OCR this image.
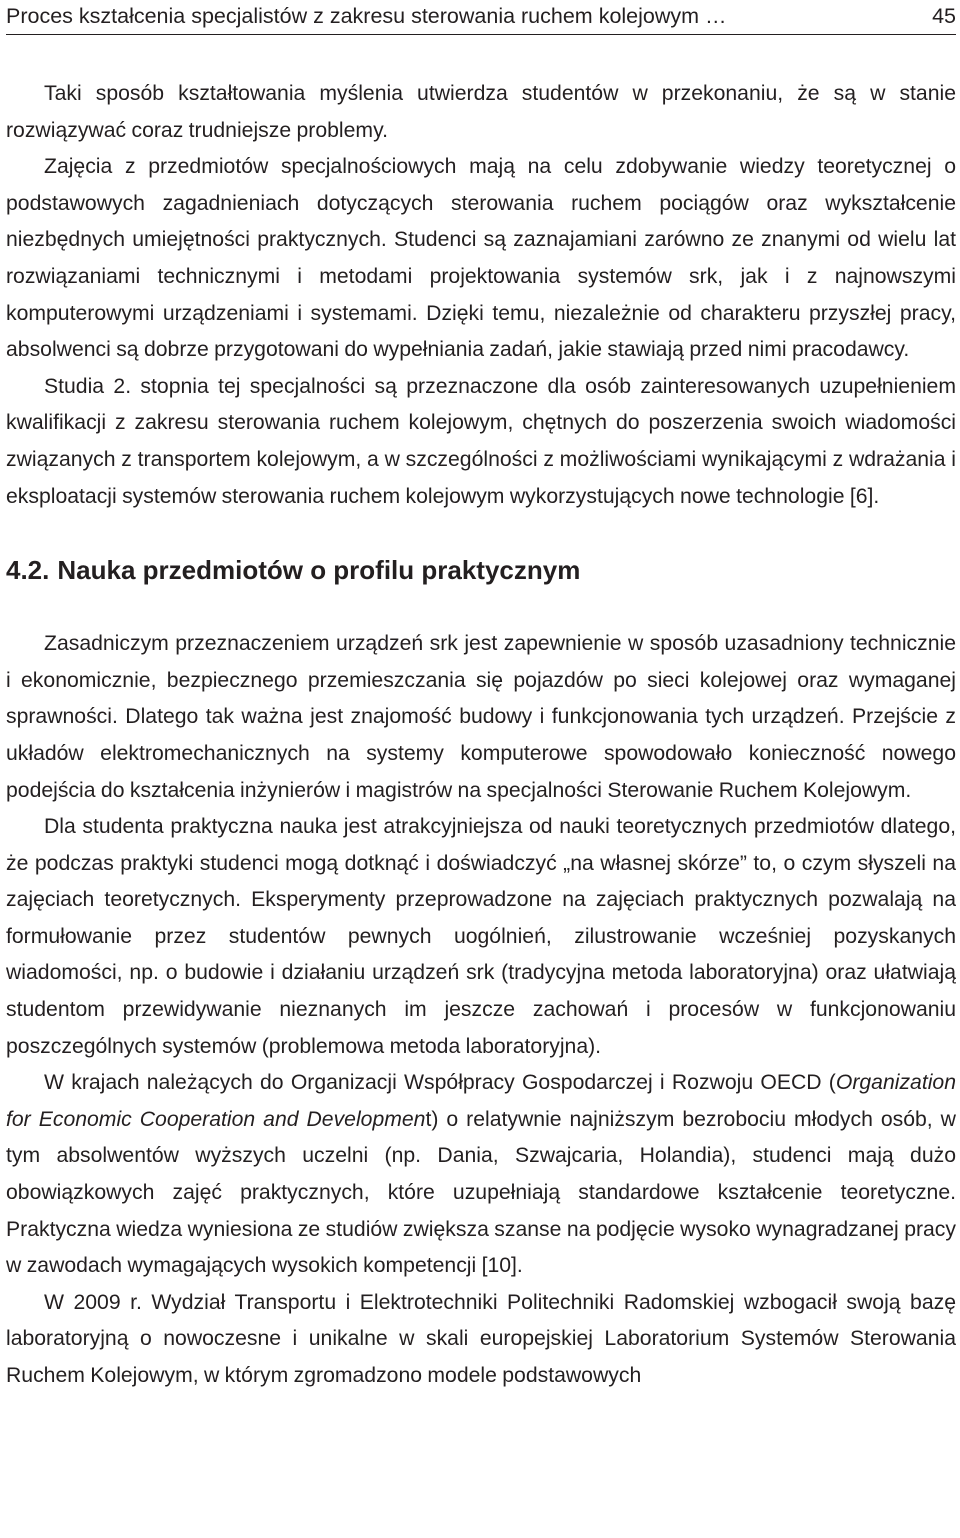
Proces kształcenia specjalistów z zakresu sterowania ruchem kolejowym …	45

Taki sposób kształtowania myślenia utwierdza studentów w przekonaniu, że są w stanie rozwiązywać coraz trudniejsze problemy.

Zajęcia z przedmiotów specjalnościowych mają na celu zdobywanie wiedzy teoretycznej o podstawowych zagadnieniach dotyczących sterowania ruchem pociągów oraz wykształcenie niezbędnych umiejętności praktycznych. Studenci są zaznajamiani zarówno ze znanymi od wielu lat rozwiązaniami technicznymi i metodami projektowania systemów srk, jak i z najnowszymi komputerowymi urządzeniami i systemami. Dzięki temu, niezależnie od charakteru przyszłej pracy, absolwenci są dobrze przygotowani do wypełniania zadań, jakie stawiają przed nimi pracodawcy.

Studia 2. stopnia tej specjalności są przeznaczone dla osób zainteresowanych uzupełnieniem kwalifikacji z zakresu sterowania ruchem kolejowym, chętnych do poszerzenia swoich wiadomości związanych z transportem kolejowym, a w szczególności z możliwościami wynikającymi z wdrażania i eksploatacji systemów sterowania ruchem kolejowym wykorzystujących nowe technologie [6].

4.2. Nauka przedmiotów o profilu praktycznym

Zasadniczym przeznaczeniem urządzeń srk jest zapewnienie w sposób uzasadniony technicznie i ekonomicznie, bezpiecznego przemieszczania się pojazdów po sieci kolejowej oraz wymaganej sprawności. Dlatego tak ważna jest znajomość budowy i funkcjonowania tych urządzeń. Przejście z układów elektromechanicznych na systemy komputerowe spowodowało konieczność nowego podejścia do kształcenia inżynierów i magistrów na specjalności Sterowanie Ruchem Kolejowym.

Dla studenta praktyczna nauka jest atrakcyjniejsza od nauki teoretycznych przedmiotów dlatego, że podczas praktyki studenci mogą dotknąć i doświadczyć „na własnej skórze” to, o czym słyszeli na zajęciach teoretycznych. Eksperymenty przeprowadzone na zajęciach praktycznych pozwalają na formułowanie przez studentów pewnych uogólnień, zilustrowanie wcześniej pozyskanych wiadomości, np. o budowie i działaniu urządzeń srk (tradycyjna metoda laboratoryjna) oraz ułatwiają studentom przewidywanie nieznanych im jeszcze zachowań i procesów w funkcjonowaniu poszczególnych systemów (problemowa metoda laboratoryjna).

W krajach należących do Organizacji Współpracy Gospodarczej i Rozwoju OECD (Organization for Economic Cooperation and Development) o relatywnie najniższym bezrobociu młodych osób, w tym absolwentów wyższych uczelni (np. Dania, Szwajcaria, Holandia), studenci mają dużo obowiązkowych zajęć praktycznych, które uzupełniają standardowe kształcenie teoretyczne. Praktyczna wiedza wyniesiona ze studiów zwiększa szanse na podjęcie wysoko wynagradzanej pracy w zawodach wymagających wysokich kompetencji [10].

W 2009 r. Wydział Transportu i Elektrotechniki Politechniki Radomskiej wzbogacił swoją bazę laboratoryjną o nowoczesne i unikalne w skali europejskiej Laboratorium Systemów Sterowania Ruchem Kolejowym, w którym zgromadzono modele podstawowych
